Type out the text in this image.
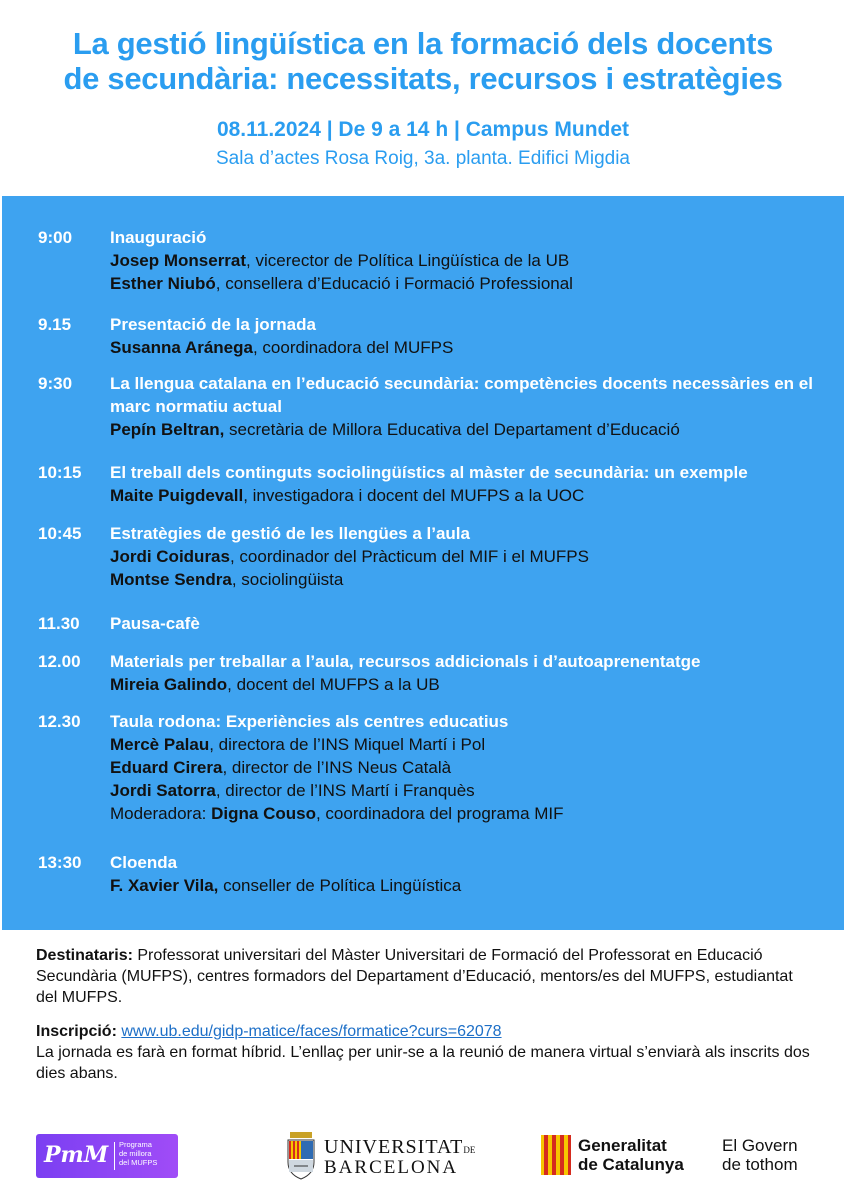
La gestió lingüística en la formació dels docents
de secundària: necessitats, recursos i estratègies
08.11.2024 | De 9 a 14 h | Campus Mundet
Sala d’actes Rosa Roig, 3a. planta. Edifici Migdia
9:00 Inauguració
Josep Monserrat, vicerector de Política Lingüística de la UB
Esther Niubó, consellera d’Educació i Formació Professional
9.15 Presentació de la jornada
Susanna Aránega, coordinadora del MUFPS
9:30 La llengua catalana en l’educació secundària: competències docents necessàries en el marc normatiu actual
Pepín Beltran, secretària de Millora Educativa del Departament d’Educació
10:15 El treball dels continguts sociolingüístics al màster de secundària: un exemple
Maite Puigdevall, investigadora i docent del MUFPS a la UOC
10:45 Estratègies de gestió de les llengües a l’aula
Jordi Coiduras, coordinador del Pràcticum del MIF i el MUFPS
Montse Sendra, sociolingüista
11.30 Pausa-cafè
12.00 Materials per treballar a l’aula, recursos addicionals i d’autoaprenentatge
Mireia Galindo, docent del MUFPS a la UB
12.30 Taula rodona: Experiències als centres educatius
Mercè Palau, directora de l’INS Miquel Martí i Pol
Eduard Cirera, director de l’INS Neus Català
Jordi Satorra, director de l’INS Martí i Franquès
Moderadora: Digna Couso, coordinadora del programa MIF
13:30 Cloenda
F. Xavier Vila, conseller de Política Lingüística
Destinataris: Professorat universitari del Màster Universitari de Formació del Professorat en Educació Secundària (MUFPS), centres formadors del Departament d’Educació, mentors/es del MUFPS, estudiantat del MUFPS.
Inscripció: www.ub.edu/gidp-matice/faces/formatice?curs=62078
La jornada es farà en format híbrid. L’enllaç per unir-se a la reunió de manera virtual s’enviarà als inscrits dos dies abans.
PmM Programa
de millora
del MUFPS
UNIVERSITATDE
BARCELONA
Generalitat
de Catalunya
El Govern
de tothom
